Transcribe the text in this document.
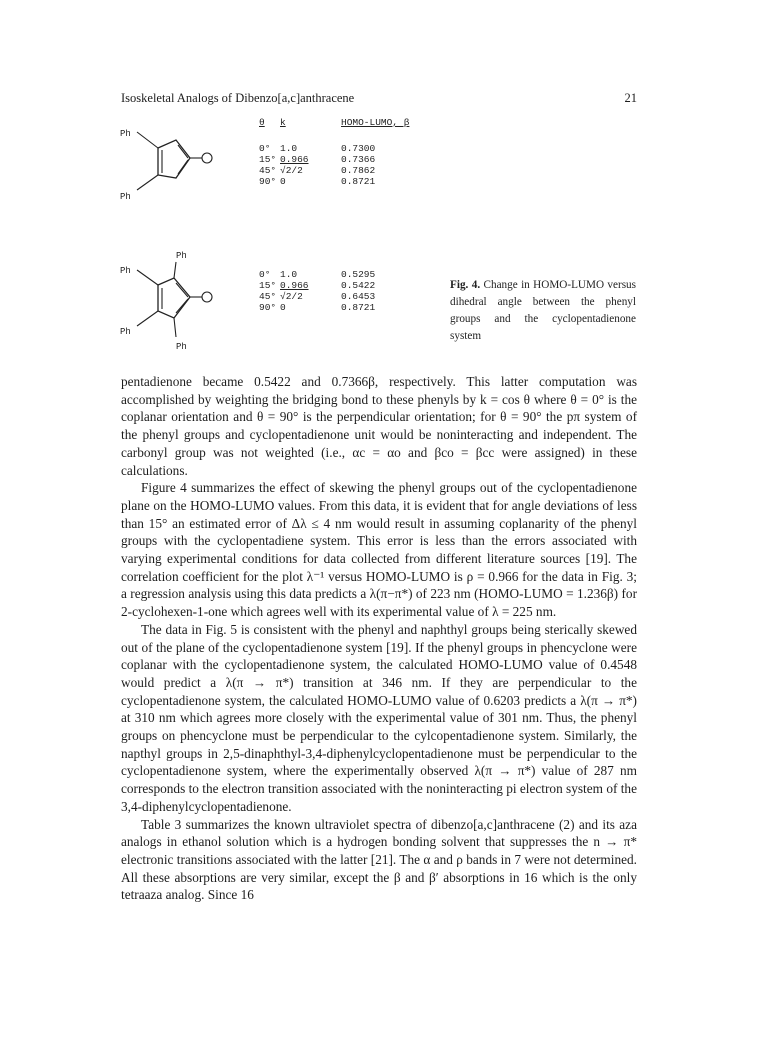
Isoskeletal Analogs of Dibenzo[a,c]anthracene	21
Ph
Ph
θ k	HOMO-LUMO, β
0° 1.0	0.7300
15° 0.966	0.7366
45° √2/2	0.7862
90° 0	0.8721
Ph
Ph
Ph
Ph
0° 1.0	0.5295
15° 0.966	0.5422
45° √2/2	0.6453
90° 0	0.8721
Fig. 4. Change in HOMO-LUMO versus dihedral angle between the phenyl groups and the cyclopentadienone system

pentadienone became 0.5422 and 0.7366β, respectively. This latter computation was accomplished by weighting the bridging bond to these phenyls by k = cos θ where θ = 0° is the coplanar orientation and θ = 90° is the perpendicular orientation; for θ = 90° the pπ system of the phenyl groups and cyclopentadienone unit would be noninteracting and independent. The carbonyl group was not weighted (i.e., αc = αo and βco = βcc were assigned) in these calculations.

Figure 4 summarizes the effect of skewing the phenyl groups out of the cyclopentadienone plane on the HOMO-LUMO values. From this data, it is evident that for angle deviations of less than 15° an estimated error of Δλ ≤ 4 nm would result in assuming coplanarity of the phenyl groups with the cyclopentadiene system. This error is less than the errors associated with varying experimental conditions for data collected from different literature sources [19]. The correlation coefficient for the plot λ⁻¹ versus HOMO-LUMO is ρ = 0.966 for the data in Fig. 3; a regression analysis using this data predicts a λ(π−π*) of 223 nm (HOMO-LUMO = 1.236β) for 2-cyclohexen-1-one which agrees well with its experimental value of λ = 225 nm.

The data in Fig. 5 is consistent with the phenyl and naphthyl groups being sterically skewed out of the plane of the cyclopentadienone system [19]. If the phenyl groups in phencyclone were coplanar with the cyclopentadienone system, the calculated HOMO-LUMO value of 0.4548 would predict a λ(π → π*) transition at 346 nm. If they are perpendicular to the cyclopentadienone system, the calculated HOMO-LUMO value of 0.6203 predicts a λ(π → π*) at 310 nm which agrees more closely with the experimental value of 301 nm. Thus, the phenyl groups on phencyclone must be perpendicular to the cylcopentadienone system. Similarly, the napthyl groups in 2,5-dinaphthyl-3,4-diphenylcyclopentadienone must be perpendicular to the cyclopentadienone system, where the experimentally observed λ(π → π*) value of 287 nm corresponds to the electron transition associated with the noninteracting pi electron system of the 3,4-diphenylcyclopentadienone.

Table 3 summarizes the known ultraviolet spectra of dibenzo[a,c]anthracene (2) and its aza analogs in ethanol solution which is a hydrogen bonding solvent that suppresses the n → π* electronic transitions associated with the latter [21]. The α and ρ bands in 7 were not determined. All these absorptions are very similar, except the β and β′ absorptions in 16 which is the only tetraaza analog. Since 16
